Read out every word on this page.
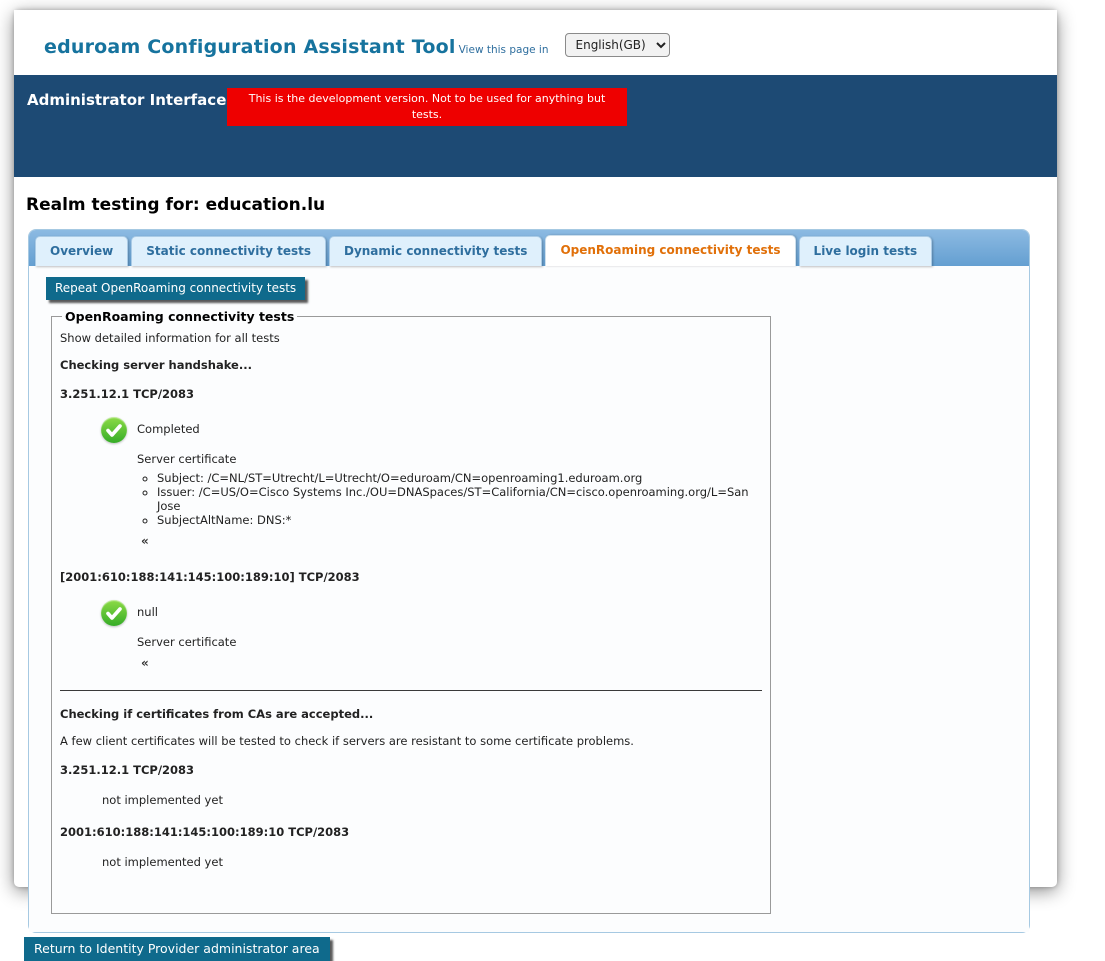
eduroam Configuration Assistant Tool View this page in
English(GB)
Administrator Interface	This is the development version. Not to be used for anything but tests.
Realm testing for: education.lu
Overview	Static connectivity tests	Dynamic connectivity tests	OpenRoaming connectivity tests	Live login tests
Repeat OpenRoaming connectivity tests
OpenRoaming connectivity tests

Show detailed information for all tests

Checking server handshake...

3.251.12.1 TCP/2083

Completed
Server certificate
◦ Subject: /C=NL/ST=Utrecht/L=Utrecht/O=eduroam/CN=openroaming1.eduroam.org
◦ Issuer: /C=US/O=Cisco Systems Inc./OU=DNASpaces/ST=California/CN=cisco.openroaming.org/L=San Jose
◦ SubjectAltName: DNS:*
«

[2001:610:188:141:145:100:189:10] TCP/2083

null
Server certificate
«

Checking if certificates from CAs are accepted...

A few client certificates will be tested to check if servers are resistant to some certificate problems.

3.251.12.1 TCP/2083

not implemented yet

2001:610:188:141:145:100:189:10 TCP/2083

not implemented yet

Return to Identity Provider administrator area
